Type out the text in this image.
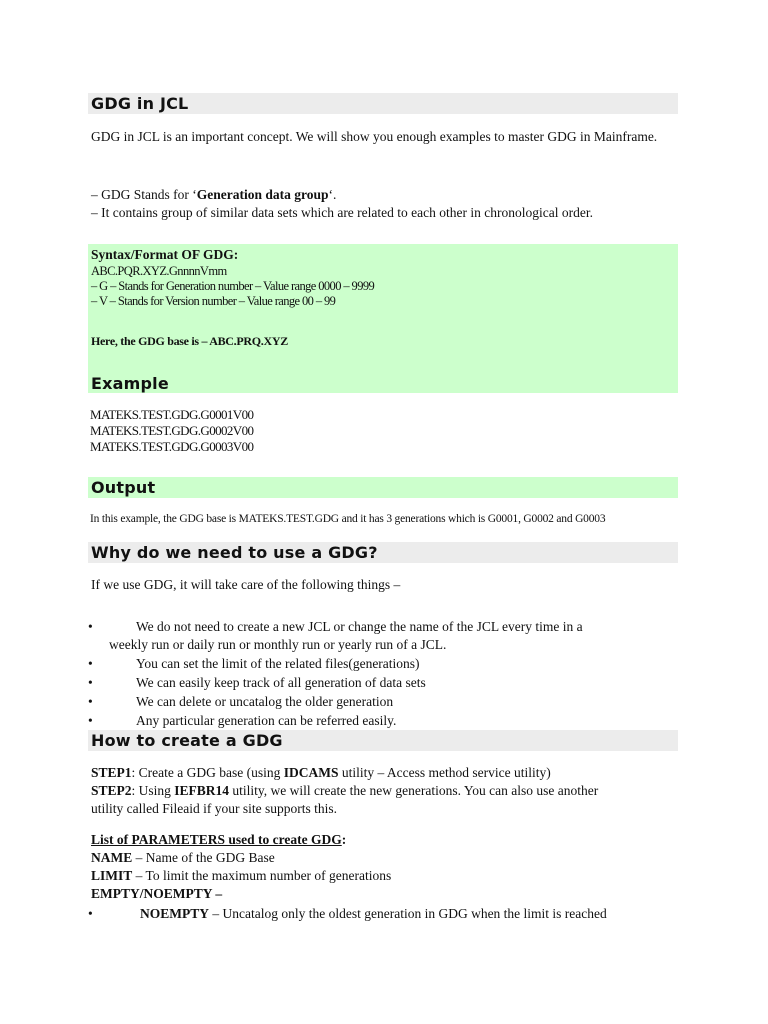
GDG in JCL
GDG in JCL is an important concept. We will show you enough examples to master GDG in Mainframe.
– GDG Stands for ‘Generation data group‘.
– It contains group of similar data sets which are related to each other in chronological order.
Syntax/Format OF GDG:
ABC.PQR.XYZ.GnnnnVmm
– G – Stands for Generation number – Value range 0000 – 9999
– V – Stands for Version number – Value range 00 – 99
Here, the GDG base is – ABC.PRQ.XYZ
Example
MATEKS.TEST.GDG.G0001V00
MATEKS.TEST.GDG.G0002V00
MATEKS.TEST.GDG.G0003V00
Output
In this example, the GDG base is MATEKS.TEST.GDG and it has 3 generations which is G0001, G0002 and G0003
Why do we need to use a GDG?
If we use GDG, it will take care of the following things –
•	We do not need to create a new JCL or change the name of the JCL every time in a
weekly run or daily run or monthly run or yearly run of a JCL.
•	You can set the limit of the related files(generations)
•	We can easily keep track of all generation of data sets
•	We can delete or uncatalog the older generation
•	Any particular generation can be referred easily.
How to create a GDG
STEP1: Create a GDG base (using IDCAMS utility – Access method service utility)
STEP2: Using IEFBR14 utility, we will create the new generations. You can also use another
utility called Fileaid if your site supports this.
List of PARAMETERS used to create GDG:
NAME – Name of the GDG Base
LIMIT – To limit the maximum number of generations
EMPTY/NOEMPTY –
•	NOEMPTY – Uncatalog only the oldest generation in GDG when the limit is reached
